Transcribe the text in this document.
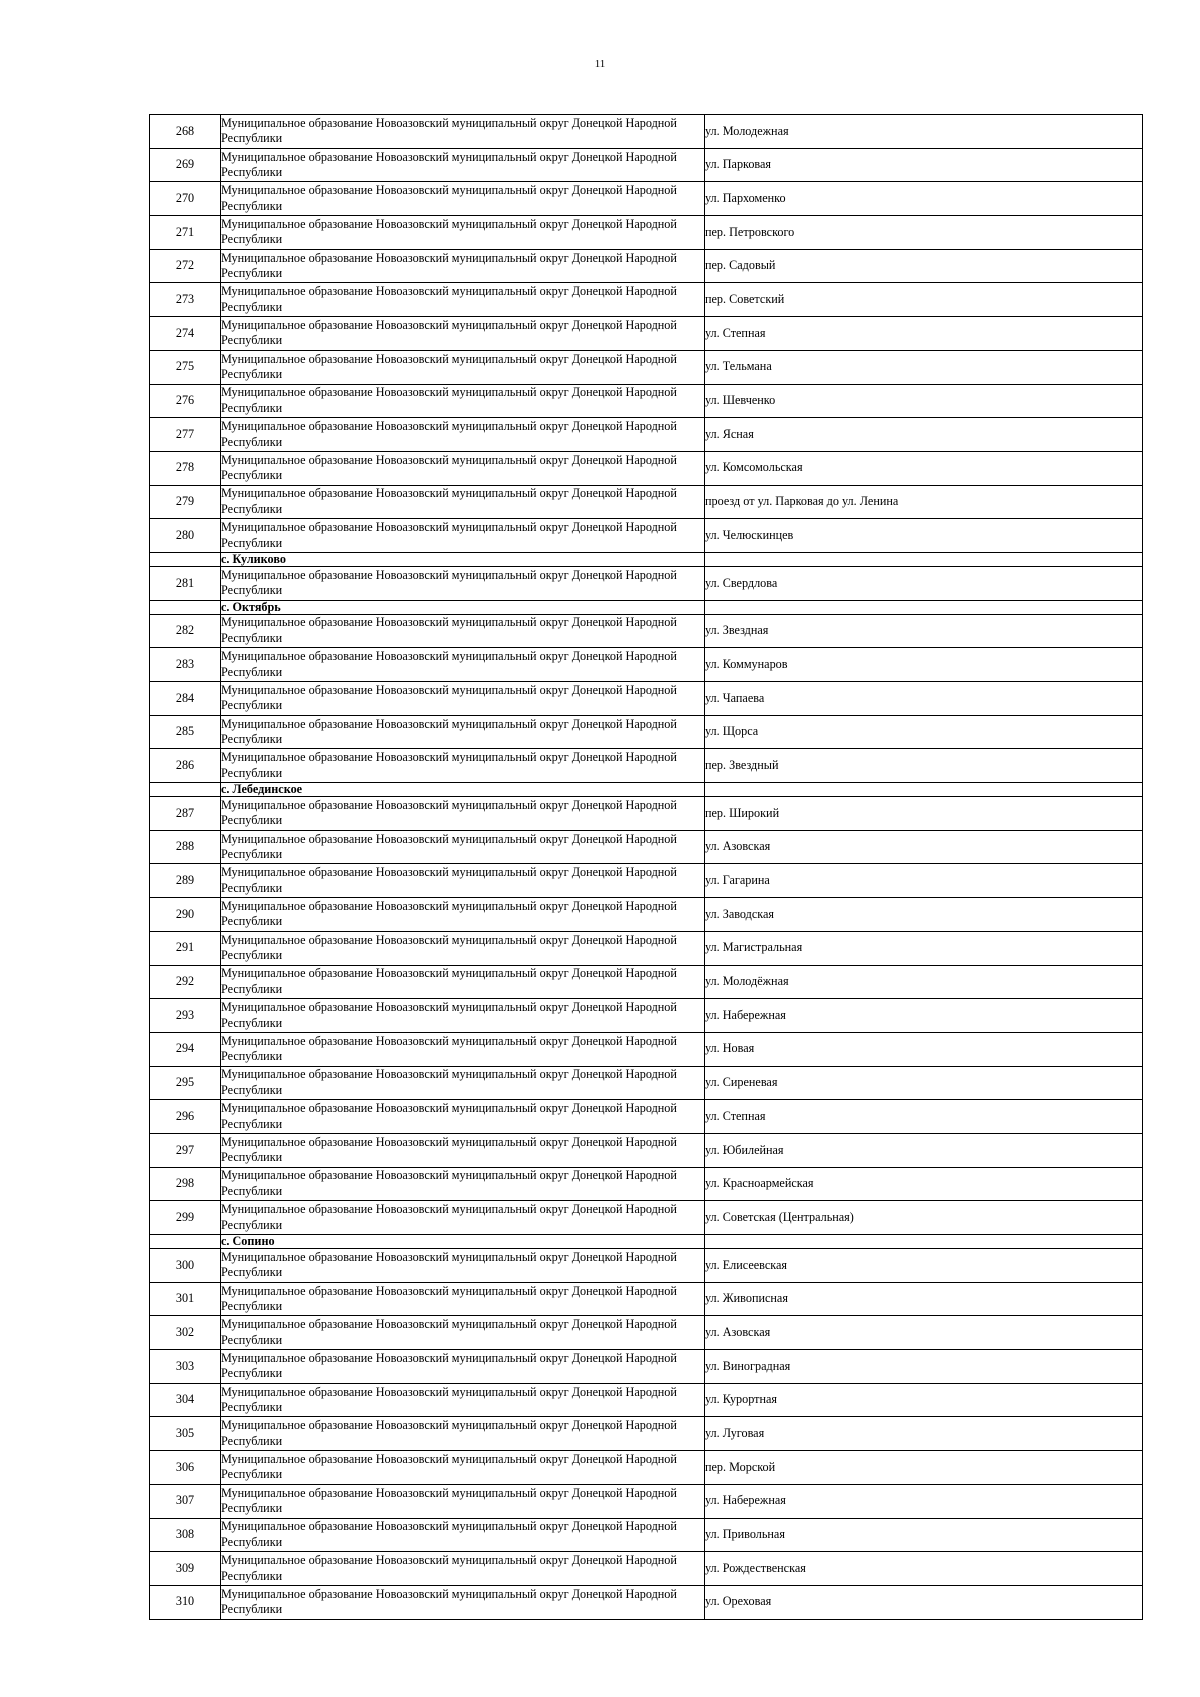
11
268	Муниципальное образование Новоазовский муниципальный округ Донецкой Народной Республики	ул. Молодежная
269	Муниципальное образование Новоазовский муниципальный округ Донецкой Народной Республики	ул. Парковая
270	Муниципальное образование Новоазовский муниципальный округ Донецкой Народной Республики	ул. Пархоменко
271	Муниципальное образование Новоазовский муниципальный округ Донецкой Народной Республики	пер. Петровского
272	Муниципальное образование Новоазовский муниципальный округ Донецкой Народной Республики	пер. Садовый
273	Муниципальное образование Новоазовский муниципальный округ Донецкой Народной Республики	пер. Советский
274	Муниципальное образование Новоазовский муниципальный округ Донецкой Народной Республики	ул. Степная
275	Муниципальное образование Новоазовский муниципальный округ Донецкой Народной Республики	ул. Тельмана
276	Муниципальное образование Новоазовский муниципальный округ Донецкой Народной Республики	ул. Шевченко
277	Муниципальное образование Новоазовский муниципальный округ Донецкой Народной Республики	ул. Ясная
278	Муниципальное образование Новоазовский муниципальный округ Донецкой Народной Республики	ул. Комсомольская
279	Муниципальное образование Новоазовский муниципальный округ Донецкой Народной Республики	проезд от ул. Парковая до ул. Ленина
280	Муниципальное образование Новоазовский муниципальный округ Донецкой Народной Республики	ул. Челюскинцев
	с. Куликово	
281	Муниципальное образование Новоазовский муниципальный округ Донецкой Народной Республики	ул. Свердлова
	с. Октябрь	
282	Муниципальное образование Новоазовский муниципальный округ Донецкой Народной Республики	ул. Звездная
283	Муниципальное образование Новоазовский муниципальный округ Донецкой Народной Республики	ул. Коммунаров
284	Муниципальное образование Новоазовский муниципальный округ Донецкой Народной Республики	ул. Чапаева
285	Муниципальное образование Новоазовский муниципальный округ Донецкой Народной Республики	ул. Щорса
286	Муниципальное образование Новоазовский муниципальный округ Донецкой Народной Республики	пер. Звездный
	с. Лебединское	
287	Муниципальное образование Новоазовский муниципальный округ Донецкой Народной Республики	пер. Широкий
288	Муниципальное образование Новоазовский муниципальный округ Донецкой Народной Республики	ул. Азовская
289	Муниципальное образование Новоазовский муниципальный округ Донецкой Народной Республики	ул. Гагарина
290	Муниципальное образование Новоазовский муниципальный округ Донецкой Народной Республики	ул. Заводская
291	Муниципальное образование Новоазовский муниципальный округ Донецкой Народной Республики	ул. Магистральная
292	Муниципальное образование Новоазовский муниципальный округ Донецкой Народной Республики	ул. Молодёжная
293	Муниципальное образование Новоазовский муниципальный округ Донецкой Народной Республики	ул. Набережная
294	Муниципальное образование Новоазовский муниципальный округ Донецкой Народной Республики	ул. Новая
295	Муниципальное образование Новоазовский муниципальный округ Донецкой Народной Республики	ул. Сиреневая
296	Муниципальное образование Новоазовский муниципальный округ Донецкой Народной Республики	ул. Степная
297	Муниципальное образование Новоазовский муниципальный округ Донецкой Народной Республики	ул. Юбилейная
298	Муниципальное образование Новоазовский муниципальный округ Донецкой Народной Республики	ул. Красноармейская
299	Муниципальное образование Новоазовский муниципальный округ Донецкой Народной Республики	ул. Советская (Центральная)
	с. Сопино	
300	Муниципальное образование Новоазовский муниципальный округ Донецкой Народной Республики	ул. Елисеевская
301	Муниципальное образование Новоазовский муниципальный округ Донецкой Народной Республики	ул. Живописная
302	Муниципальное образование Новоазовский муниципальный округ Донецкой Народной Республики	ул. Азовская
303	Муниципальное образование Новоазовский муниципальный округ Донецкой Народной Республики	ул. Виноградная
304	Муниципальное образование Новоазовский муниципальный округ Донецкой Народной Республики	ул. Курортная
305	Муниципальное образование Новоазовский муниципальный округ Донецкой Народной Республики	ул. Луговая
306	Муниципальное образование Новоазовский муниципальный округ Донецкой Народной Республики	пер. Морской
307	Муниципальное образование Новоазовский муниципальный округ Донецкой Народной Республики	ул. Набережная
308	Муниципальное образование Новоазовский муниципальный округ Донецкой Народной Республики	ул. Привольная
309	Муниципальное образование Новоазовский муниципальный округ Донецкой Народной Республики	ул. Рождественская
310	Муниципальное образование Новоазовский муниципальный округ Донецкой Народной Республики	ул. Ореховая
